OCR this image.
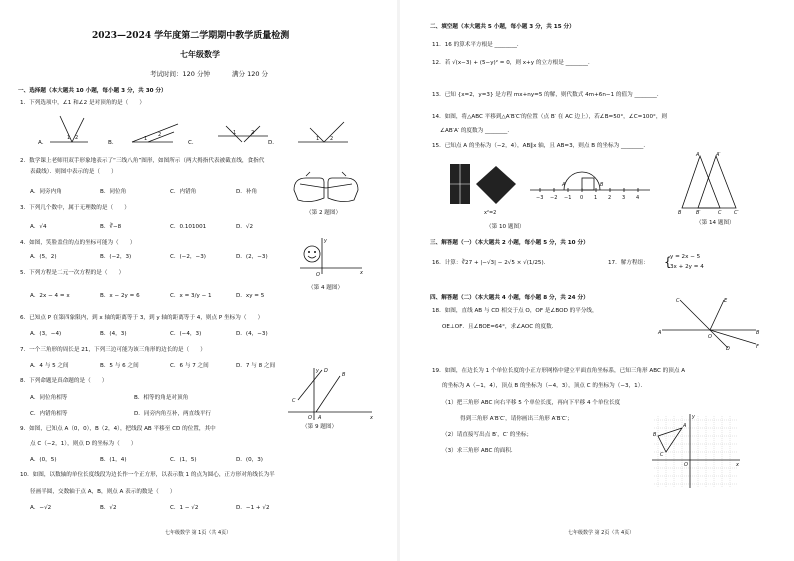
2023—2024 学年度第二学期期中教学质量检测
七年级数学
考试时间：120 分钟	满分 120 分
一、选择题（本大题共 10 小题，每小题 3 分，共 30 分）
1．下列选项中，∠1 和∠2 是对顶角的是（　　）
A．	B．	C．	D．
1 2	1
2	1	2
1 2
2．数学课上老师用双手形象地表示了“三线八角”图形，如图所示（两大拇指代表被截直线，食指代
表截线）．则图中表示的是（　　）
A．同旁内角	B．同位角	C．内错角	D．补角
（第 2 题图）
3．下列几个数中，属于无理数的是（　　）
A．√4	B．∛−8	C．0.101001	D．√2
4．如图，笑脸盖住的点的坐标可能为（　　）
A．(5，2)	B．(−2，3)	C．(−2，−3)	D．(2，−3)
y
x
O
（第 4 题图）
5．下列方程是二元一次方程的是（　　）
A．2x − 4 = x	B．x − 2y = 6	C．x = 3/y − 1	D．xy = 5
6．已知点 P 在第四象限内，到 x 轴的距离等于 3，到 y 轴的距离等于 4，则点 P 坐标为（　　）
A．(3，−4)	B．(4，3)	C．(−4，3)	D．(4，−3)
7．一个三角形的周长是 21，下列三边可能为该三角形的边长的是（　　）
A．4 与 5 之间	B．5 与 6 之间	C．6 与 7 之间	D．7 与 8 之间
8．下列命题是真命题的是（　　）
A．同位角相等	B．相等的角是对顶角
C．内错角相等	D．同旁内角互补，两直线平行
D
B
C
O A	x
y
（第 9 题图）
9．如图，已知点 A（0，0），B（2，4），把线段 AB 平移至 CD 的位置，其中
点 C（−2，1），则点 D 的坐标为（　　）
A．(0，5)	B．(1，4)	C．(1，5)	D．(0，3)
10．如图，以数轴的单位长度线段为边长作一个正方形，以表示数 1 的点为圆心，正方形对角线长为半
径画半圆，交数轴于点 A，B，则点 A 表示的数是（　　）
A．−√2	B．√2	C．1 − √2	D．−1 + √2
七年级数学 第 1页（共 4页）
二、填空题（本大题共 5 小题，每小题 3 分，共 15 分）
11．16 的算术平方根是 ________．
12．若 √(x−3) + (5−y)² = 0，则 x+y 的立方根是 ________．
13．已知 {x=2，y=3} 是方程 mx+ny=5 的解，则代数式 4m+6n−1 的值为 ________．
14．如图，将△ABC 平移到△A′B′C′的位置（点 B′ 在 AC 边上），若∠B=50°，∠C=100°，则
∠AB′A′ 的度数为 ________．
15．已知点 A 的坐标为（−2，4），AB∥x 轴，且 AB=3，则点 B 的坐标为 ________．
−3 −2 −1 0 1 2 3 4
x²=2
A	B
（第 10 题图）
A	A′
B	B′	C	C′
（第 14 题图）
三、解答题（一）（本大题共 2 小题，每小题 5 分，共 10 分）
16．计算：∛27 + |−√3| − 2√5 × √(1/25)．	17．解方程组： {
y = 2x − 5
3x + 2y = 4
四、解答题（二）（本大题共 4 小题，每小题 8 分，共 24 分）
18．如图，直线 AB 与 CD 相交于点 O，OF 是∠BOD 的平分线，
OE⊥OF．且∠BOE=64°，求∠AOC 的度数．
C	E
A	B
O
F
D
19．如图，在边长为 1 个单位长度的小正方形网格中建立平面直角坐标系，已知三角形 ABC 的顶点 A
的坐标为 A（−1，4），顶点 B 的坐标为（−4，3），顶点 C 的坐标为（−3，1）．
（1）把三角形 ABC 向右平移 5 个单位长度，再向下平移 4 个单位长度
得到三角形 A′B′C′，请你画出三角形 A′B′C′；
（2）请直接写出点 B′，C′ 的坐标；
（3）求三角形 ABC 的面积．
A
B
C
y
x
O
七年级数学 第 2页（共 4页）
